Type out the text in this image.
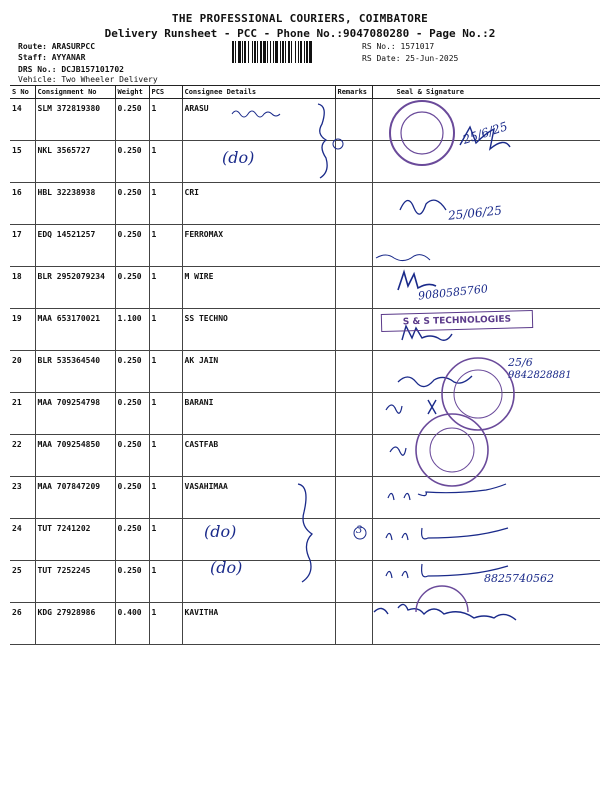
THE PROFESSIONAL COURIERS, COIMBATORE
Delivery Runsheet - PCC - Phone No.:9047080280 - Page No.:2
Route: ARASURPCC
Staff: AYYANAR
DRS No.: DCJB157101702
Vehicle: Two Wheeler Delivery
RS No.: 1571017
RS Date: 25-Jun-2025
S No	Consignment No	Weight	PCS	Consignee Details	Remarks	Seal & Signature
14	SLM 372819380	0.250	1	ARASU		
15	NKL 3565727	0.250	1			
16	HBL 32238938	0.250	1	CRI		
17	EDQ 14521257	0.250	1	FERROMAX		
18	BLR 2952079234	0.250	1	M WIRE		
19	MAA 653170021	1.100	1	SS TECHNO		
20	BLR 535364540	0.250	1	AK JAIN		
21	MAA 709254798	0.250	1	BARANI		
22	MAA 709254850	0.250	1	CASTFAB		
23	MAA 707847209	0.250	1	VASAHIMAA		
24	TUT 7241202	0.250	1			
25	TUT 7252245	0.250	1			
26	KDG 27928986	0.400	1	KAVITHA		
(do)
25/6/25
25/06/25
9080585760
S & S TECHNOLOGIES
25/6
9842828881
(do)	3
(do)
8825740562
